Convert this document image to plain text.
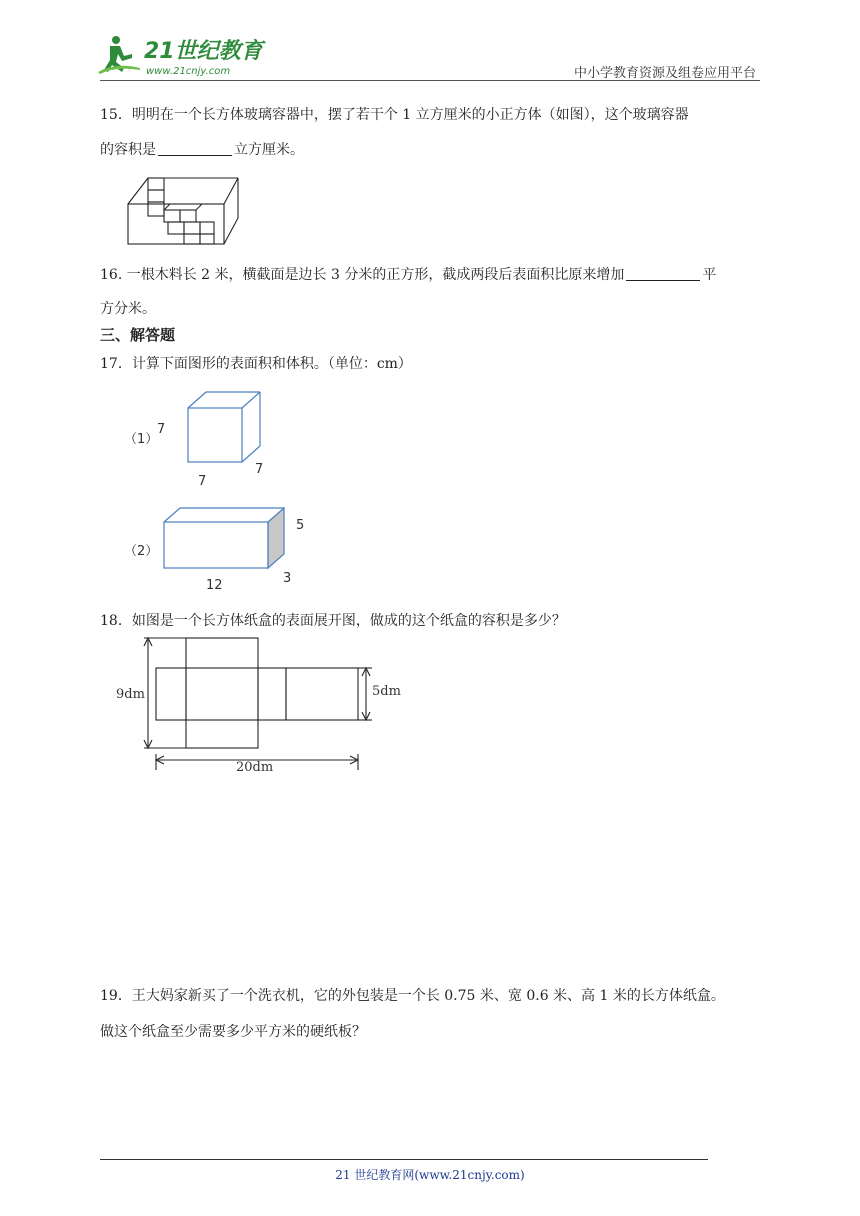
21世纪教育
www.21cnjy.com	中小学教育资源及组卷应用平台
15．明明在一个长方体玻璃容器中，摆了若干个 1 立方厘米的小正方体（如图），这个玻璃容器
的容积是	立方厘米。
16. 一根木料长 2 米，横截面是边长 3 分米的正方形，截成两段后表面积比原来增加	平
方分米。
三、解答题
17．计算下面图形的表面积和体积。（单位：cm）
（1）
7
7
7
（2）
5
12	3
18．如图是一个长方体纸盒的表面展开图，做成的这个纸盒的容积是多少？
9dm	5dm
20dm
19．王大妈家新买了一个洗衣机，它的外包装是一个长 0.75 米、宽 0.6 米、高 1 米的长方体纸盒。
做这个纸盒至少需要多少平方米的硬纸板？
21 世纪教育网(www.21cnjy.com)
